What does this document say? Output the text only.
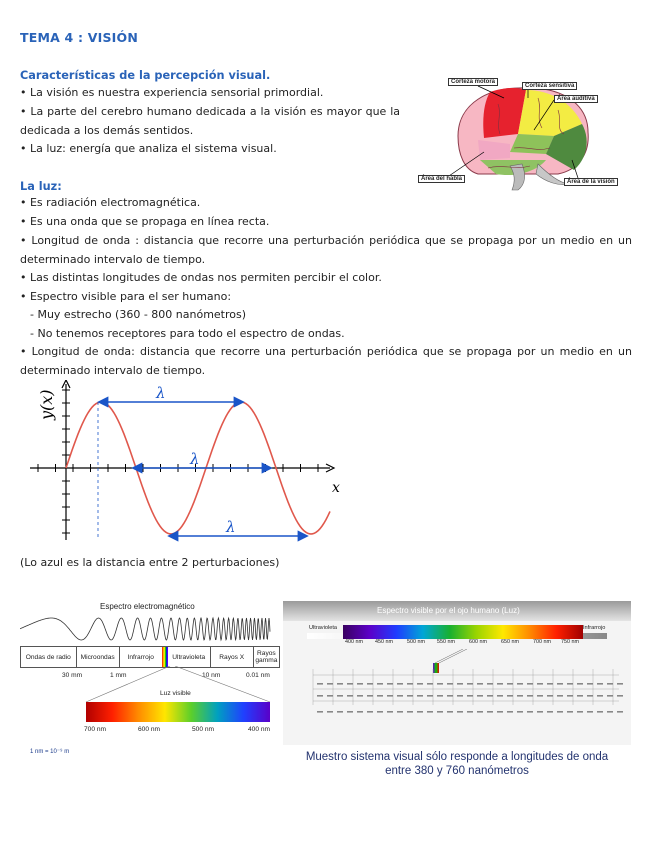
TEMA 4 : VISIÓN
Características de la percepción visual.
• La visión es nuestra experiencia sensorial primordial.
• La parte del cerebro humano dedicada a la visión es mayor que la dedicada a los demás sentidos.
• La luz: energía que analiza el sistema visual.
Corteza motora
Corteza sensitiva
Área auditiva
Área del habla	Área de la visión
La luz:
• Es radiación electromagnética.
• Es una onda que se propaga en línea recta.
• Longitud de onda : distancia que recorre una perturbación periódica que se propaga por un medio en un determinado intervalo de tiempo.
• Las distintas longitudes de ondas nos permiten percibir el color.
• Espectro visible para el ser humano:
- Muy estrecho (360 - 800 nanómetros)
- No tenemos receptores para todo el espectro de ondas.
• Longitud de onda: distancia que recorre una perturbación periódica que se propaga por un medio en un determinado intervalo de tiempo.
y(x)
x
λ
λ
λ
(Lo azul es la distancia entre 2 perturbaciones)
Espectro electromagnético
Ondas de radio	Microondas	Infrarrojo	Ultravioleta	Rayos X	Rayos gamma
30 mm	1 mm	10 nm	0.01 nm
Luz visible
700 nm	600 nm	500 nm	400 nm
1 nm = 10⁻⁹ m
Espectro visible por el ojo humano (Luz)
Ultravioleta	Infrarrojo
400 nm 450 nm	500 nm 550 nm	600 nm	650 nm	700 nm 750 nm
Muestro sistema visual sólo responde a longitudes de onda
entre 380 y 760 nanómetros
